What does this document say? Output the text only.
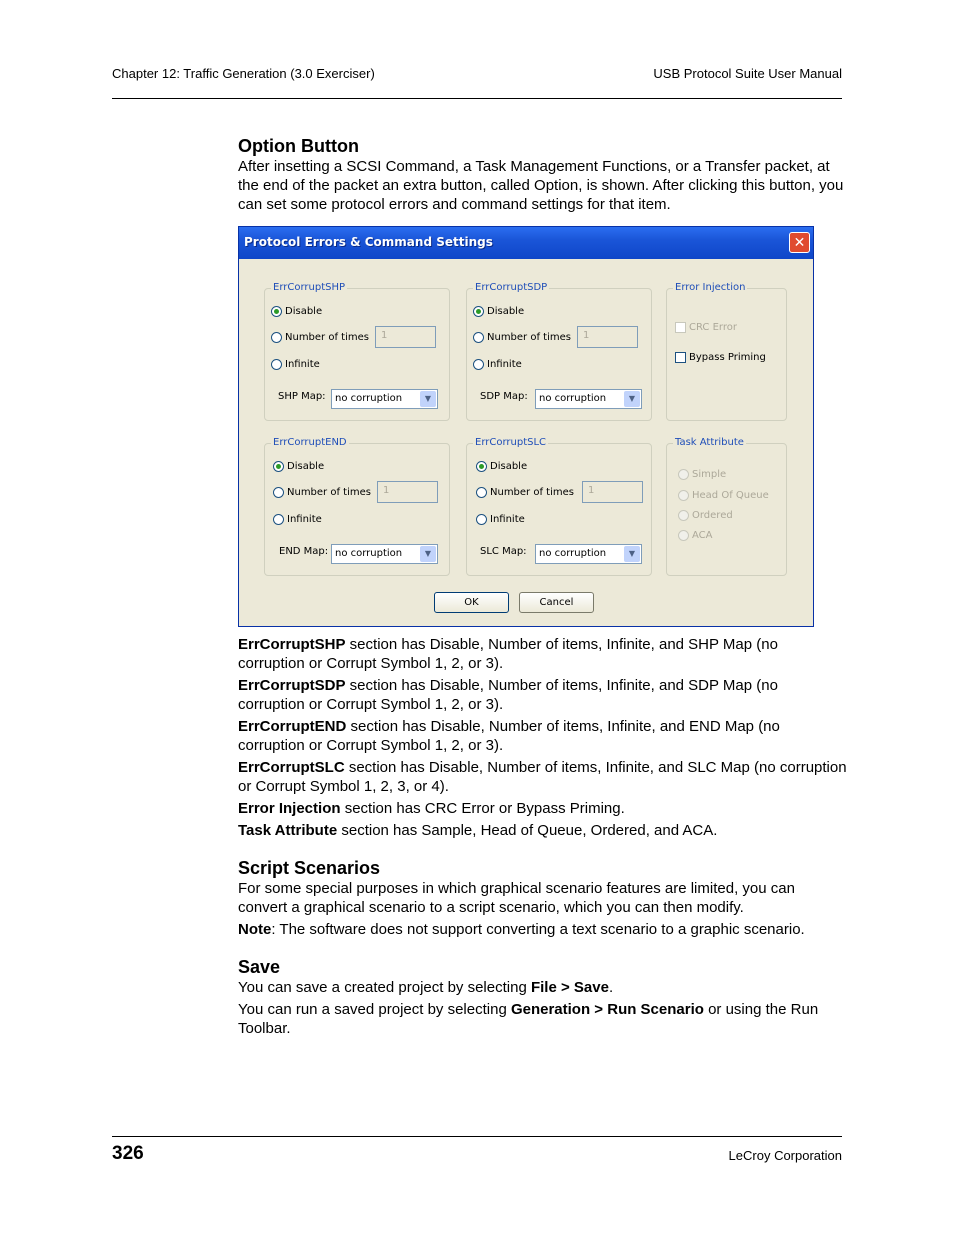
Chapter 12: Traffic Generation (3.0 Exerciser)	USB Protocol Suite User Manual
Option Button

After insetting a SCSI Command, a Task Management Functions, or a Transfer packet, at the end of the packet an extra button, called Option, is shown. After clicking this button, you can set some protocol errors and command settings for that item.

Protocol Errors & Command Settings	✕
ErrCorruptSHP
Disable
Number of times	1
Infinite
SHP Map: no corruption	▼
ErrCorruptSDP
Disable
Number of times	1
Infinite
SDP Map:	no corruption	▼
Error Injection
CRC Error
Bypass Priming
ErrCorruptEND
Disable
Number of times	1
Infinite
END Map: no corruption	▼
ErrCorruptSLC
Disable
Number of times	1
Infinite
SLC Map:	no corruption	▼
Task Attribute
Simple
Head Of Queue
Ordered
ACA
OK	Cancel

ErrCorruptSHP section has Disable, Number of items, Infinite, and SHP Map (no corruption or Corrupt Symbol 1, 2, or 3).

ErrCorruptSDP section has Disable, Number of items, Infinite, and SDP Map (no corruption or Corrupt Symbol 1, 2, or 3).

ErrCorruptEND section has Disable, Number of items, Infinite, and END Map (no corruption or Corrupt Symbol 1, 2, or 3).

ErrCorruptSLC section has Disable, Number of items, Infinite, and SLC Map (no corruption or Corrupt Symbol 1, 2, 3, or 4).

Error Injection section has CRC Error or Bypass Priming.

Task Attribute section has Sample, Head of Queue, Ordered, and ACA.

Script Scenarios

For some special purposes in which graphical scenario features are limited, you can convert a graphical scenario to a script scenario, which you can then modify.

Note: The software does not support converting a text scenario to a graphic scenario.

Save

You can save a created project by selecting File > Save.

You can run a saved project by selecting Generation > Run Scenario or using the Run Toolbar.

326	LeCroy Corporation
